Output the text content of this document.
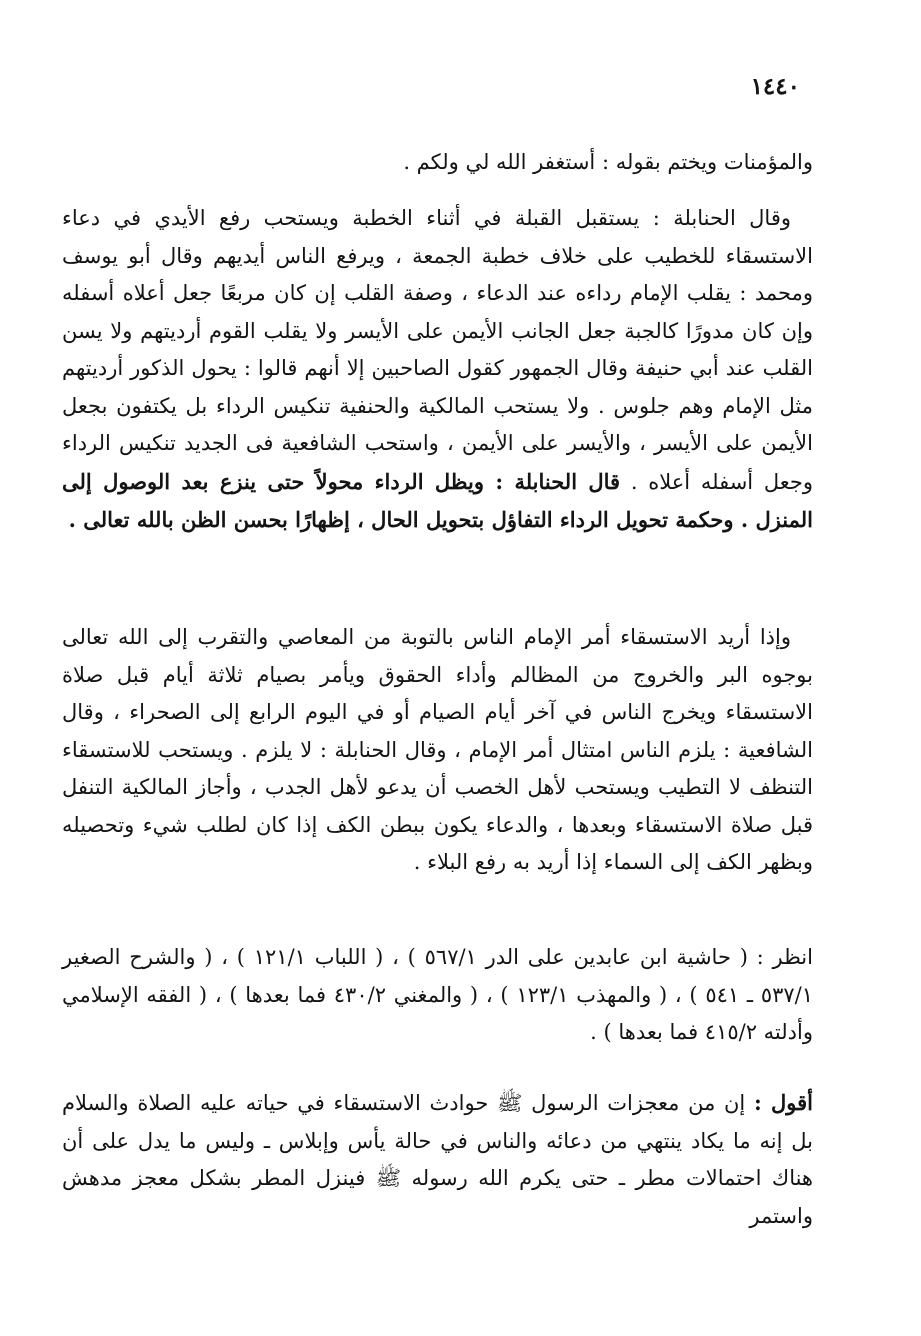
١٤٤٠

والمؤمنات ويختم بقوله : أستغفر الله لي ولكم .

وقال الحنابلة : يستقبل القبلة في أثناء الخطبة ويستحب رفع الأيدي في دعاء الاستسقاء للخطيب على خلاف خطبة الجمعة ، ويرفع الناس أيديهم وقال أبو يوسف ومحمد : يقلب الإمام رداءه عند الدعاء ، وصفة القلب إن كان مربعًا جعل أعلاه أسفله وإن كان مدورًا كالجبة جعل الجانب الأيمن على الأيسر ولا يقلب القوم أرديتهم ولا يسن القلب عند أبي حنيفة وقال الجمهور كقول الصاحبين إلا أنهم قالوا : يحول الذكور أرديتهم مثل الإمام وهم جلوس . ولا يستحب المالكية والحنفية تنكيس الرداء بل يكتفون بجعل الأيمن على الأيسر ، والأيسر على الأيمن ، واستحب الشافعية فى الجديد تنكيس الرداء وجعل أسفله أعلاه . قال الحنابلة : ويظل الرداء محولاً حتى ينزع بعد الوصول إلى المنزل . وحكمة تحويل الرداء التفاؤل بتحويل الحال ، إظهارًا بحسن الظن بالله تعالى .

وإذا أريد الاستسقاء أمر الإمام الناس بالتوبة من المعاصي والتقرب إلى الله تعالى بوجوه البر والخروج من المظالم وأداء الحقوق ويأمر بصيام ثلاثة أيام قبل صلاة الاستسقاء ويخرج الناس في آخر أيام الصيام أو في اليوم الرابع إلى الصحراء ، وقال الشافعية : يلزم الناس امتثال أمر الإمام ، وقال الحنابلة : لا يلزم . ويستحب للاستسقاء التنظف لا التطيب ويستحب لأهل الخصب أن يدعو لأهل الجدب ، وأجاز المالكية التنفل قبل صلاة الاستسقاء وبعدها ، والدعاء يكون ببطن الكف إذا كان لطلب شيء وتحصيله وبظهر الكف إلى السماء إذا أريد به رفع البلاء .

انظر : ( حاشية ابن عابدين على الدر ٥٦٧/١ ) ، ( اللباب ١٢١/١ ) ، ( والشرح الصغير ٥٣٧/١ ـ ٥٤١ ) ، ( والمهذب ١٢٣/١ ) ، ( والمغني ٤٣٠/٢ فما بعدها ) ، ( الفقه الإسلامي وأدلته ٤١٥/٢ فما بعدها ) .

أقول : إن من معجزات الرسول ﷺ حوادث الاستسقاء في حياته عليه الصلاة والسلام بل إنه ما يكاد ينتهي من دعائه والناس في حالة يأس وإبلاس ـ وليس ما يدل على أن هناك احتمالات مطر ـ حتى يكرم الله رسوله ﷺ فينزل المطر بشكل معجز مدهش واستمر
